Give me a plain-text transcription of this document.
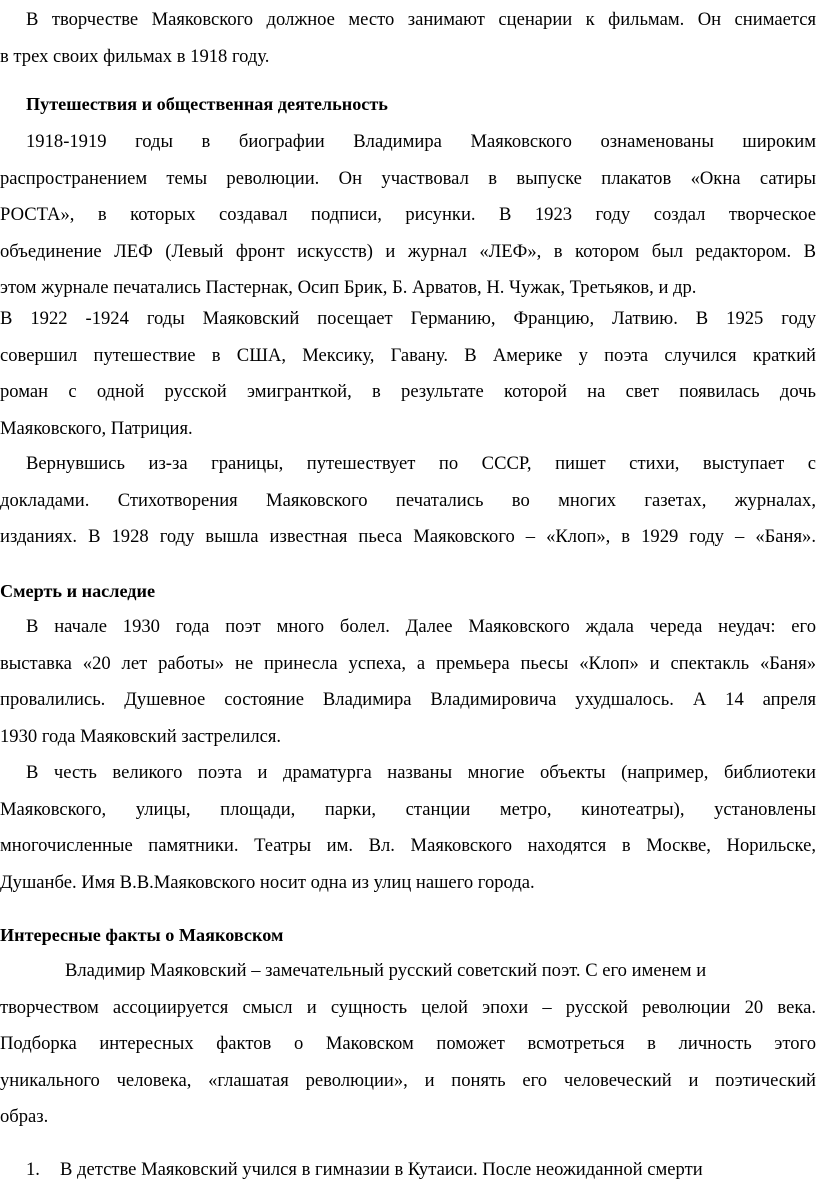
В творчестве Маяковского должное место занимают сценарии к фильмам. Он снимается
в трех своих фильмах в 1918 году.
Путешествия и общественная деятельность
1918-1919 годы в биографии Владимира Маяковского ознаменованы широким
распространением темы революции. Он участвовал в выпуске плакатов «Окна сатиры
РОСТА», в которых создавал подписи, рисунки. В 1923 году создал творческое
объединение ЛЕФ (Левый фронт искусств) и журнал «ЛЕФ», в котором был редактором. В
этом журнале печатались Пастернак, Осип Брик, Б. Арватов, Н. Чужак, Третьяков, и др.
В 1922 -1924 годы Маяковский посещает Германию, Францию, Латвию. В 1925 году
совершил путешествие в США, Мексику, Гавану. В Америке у поэта случился краткий
роман с одной русской эмигранткой, в результате которой на свет появилась дочь
Маяковского, Патриция.
Вернувшись из-за границы, путешествует по СССР, пишет стихи, выступает с
докладами. Стихотворения Маяковского печатались во многих газетах, журналах,
изданиях. В 1928 году вышла известная пьеса Маяковского – «Клоп», в 1929 году – «Баня».
Смерть и наследие
В начале 1930 года поэт много болел. Далее Маяковского ждала череда неудач: его
выставка «20 лет работы» не принесла успеха, а премьера пьесы «Клоп» и спектакль «Баня»
провалились. Душевное состояние Владимира Владимировича ухудшалось. А 14 апреля
1930 года Маяковский застрелился.
В честь великого поэта и драматурга названы многие объекты (например, библиотеки
Маяковского, улицы, площади, парки, станции метро, кинотеатры), установлены
многочисленные памятники. Театры им. Вл. Маяковского находятся в Москве, Норильске,
Душанбе. Имя В.В.Маяковского носит одна из улиц нашего города.
Интересные факты о Маяковском
Владимир Маяковский – замечательный русский советский поэт. С его именем и
творчеством ассоциируется смысл и сущность целой эпохи – русской революции 20 века.
Подборка интересных фактов о Маковском поможет всмотреться в личность этого
уникального человека, «глашатая революции», и понять его человеческий и поэтический
образ.
1. В детстве Маяковский учился в гимназии в Кутаиси. После неожиданной смерти
